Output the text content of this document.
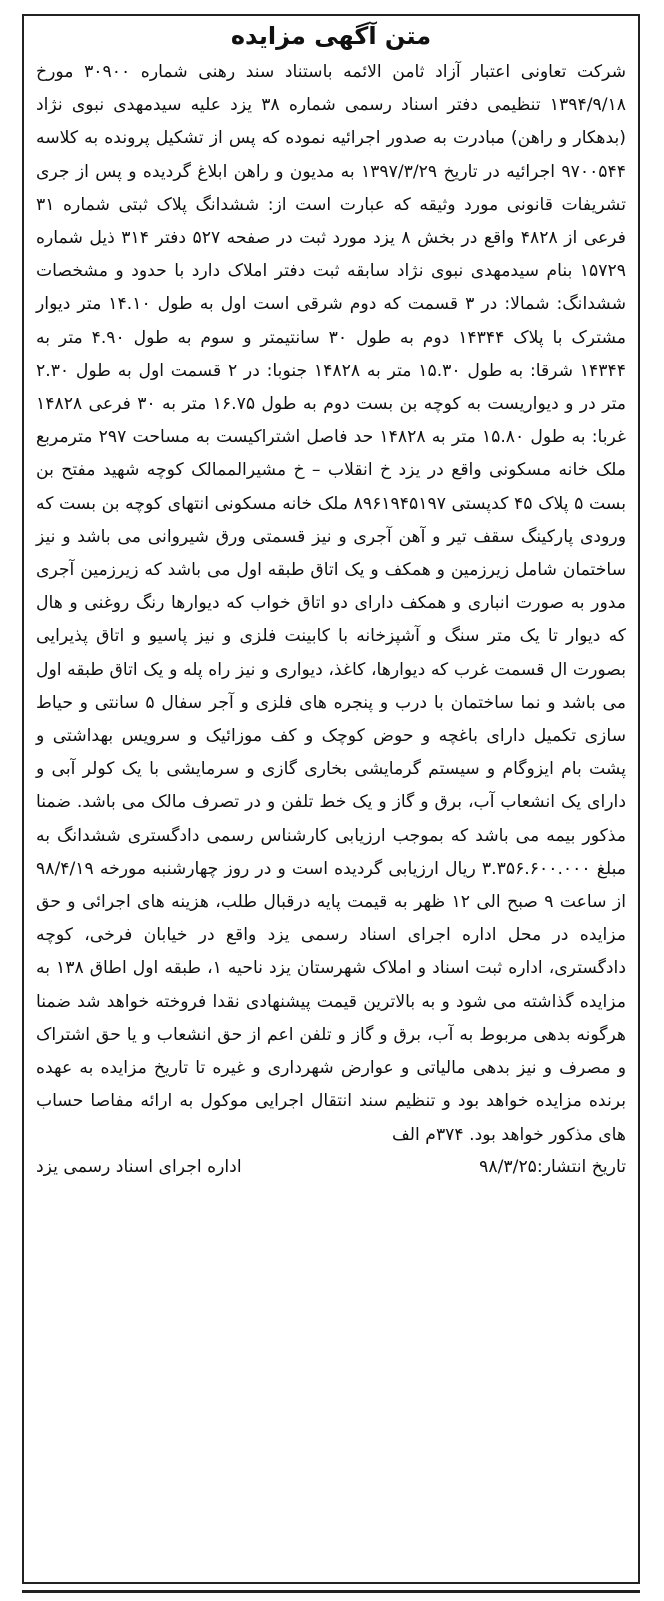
متن آگهی مزایده

شرکت تعاونی اعتبار آزاد ثامن الائمه باستناد سند رهنی شماره ۳۰۹۰۰ مورخ ۱۳۹۴/۹/۱۸ تنظیمی دفتر اسناد رسمی شماره ۳۸ یزد علیه سیدمهدی نبوی نژاد (بدهکار و راهن) مبادرت به صدور اجرائیه نموده که پس از تشکیل پرونده به کلاسه ۹۷۰۰۵۴۴ اجرائیه در تاریخ ۱۳۹۷/۳/۲۹ به مدیون و راهن ابلاغ گردیده و پس از جری تشریفات قانونی مورد وثیقه که عبارت است از: ششدانگ پلاک ثبتی شماره ۳۱ فرعی از ۴۸۲۸ واقع در بخش ۸ یزد مورد ثبت در صفحه ۵۲۷ دفتر ۳۱۴ ذیل شماره ۱۵۷۲۹ بنام سیدمهدی نبوی نژاد سابقه ثبت دفتر املاک دارد با حدود و مشخصات ششدانگ: شمالا: در ۳ قسمت که دوم شرقی است اول به طول ۱۴.۱۰ متر دیوار مشترک با پلاک ۱۴۳۴۴ دوم به طول ۳۰ سانتیمتر و سوم به طول ۴.۹۰ متر به ۱۴۳۴۴ شرقا: به طول ۱۵.۳۰ متر به ۱۴۸۲۸ جنوبا: در ۲ قسمت اول به طول ۲.۳۰ متر در و دیواریست به کوچه بن بست دوم به طول ۱۶.۷۵ متر به ۳۰ فرعی ۱۴۸۲۸ غربا: به طول ۱۵.۸۰ متر به ۱۴۸۲۸ حد فاصل اشتراکیست به مساحت ۲۹۷ مترمربع ملک خانه مسکونی واقع در یزد خ انقلاب – خ مشیرالممالک کوچه شهید مفتح بن بست ۵ پلاک ۴۵ کدپستی ۸۹۶۱۹۴۵۱۹۷ ملک خانه مسکونی انتهای کوچه بن بست که ورودی پارکینگ سقف تیر و آهن آجری و نیز قسمتی ورق شیروانی می باشد و نیز ساختمان شامل زیرزمین و همکف و یک اتاق طبقه اول می باشد که زیرزمین آجری مدور به صورت انباری و همکف دارای دو اتاق خواب که دیوارها رنگ روغنی و هال که دیوار تا یک متر سنگ و آشپزخانه با کابینت فلزی و نیز پاسیو و اتاق پذیرایی بصورت ال قسمت غرب که دیوارها، کاغذ، دیواری و نیز راه پله و یک اتاق طبقه اول می باشد و نما ساختمان با درب و پنجره های فلزی و آجر سفال ۵ سانتی و حیاط سازی تکمیل دارای باغچه و حوض کوچک و کف موزائیک و سرویس بهداشتی و پشت بام ایزوگام و سیستم گرمایشی بخاری گازی و سرمایشی با یک کولر آبی و دارای یک انشعاب آب، برق و گاز و یک خط تلفن و در تصرف مالک می باشد. ضمنا مذکور بیمه می باشد که بموجب ارزیابی کارشناس رسمی دادگستری ششدانگ به مبلغ ۳.۳۵۶.۶۰۰.۰۰۰ ریال ارزیابی گردیده است و در روز چهارشنبه مورخه ۹۸/۴/۱۹ از ساعت ۹ صبح الی ۱۲ ظهر به قیمت پایه درقبال طلب، هزینه های اجرائی و حق مزایده در محل اداره اجرای اسناد رسمی یزد واقع در خیابان فرخی، کوچه دادگستری، اداره ثبت اسناد و املاک شهرستان یزد ناحیه ۱، طبقه اول اطاق ۱۳۸ به مزایده گذاشته می شود و به بالاترین قیمت پیشنهادی نقدا فروخته خواهد شد ضمنا هرگونه بدهی مربوط به آب، برق و گاز و تلفن اعم از حق انشعاب و یا حق اشتراک و مصرف و نیز بدهی مالیاتی و عوارض شهرداری و غیره تا تاریخ مزایده به عهده برنده مزایده خواهد بود و تنظیم سند انتقال اجرایی موکول به ارائه مفاصا حساب های مذکور خواهد بود. ۳۷۴م الف

تاریخ انتشار:۹۸/۳/۲۵
اداره اجرای اسناد رسمی یزد
